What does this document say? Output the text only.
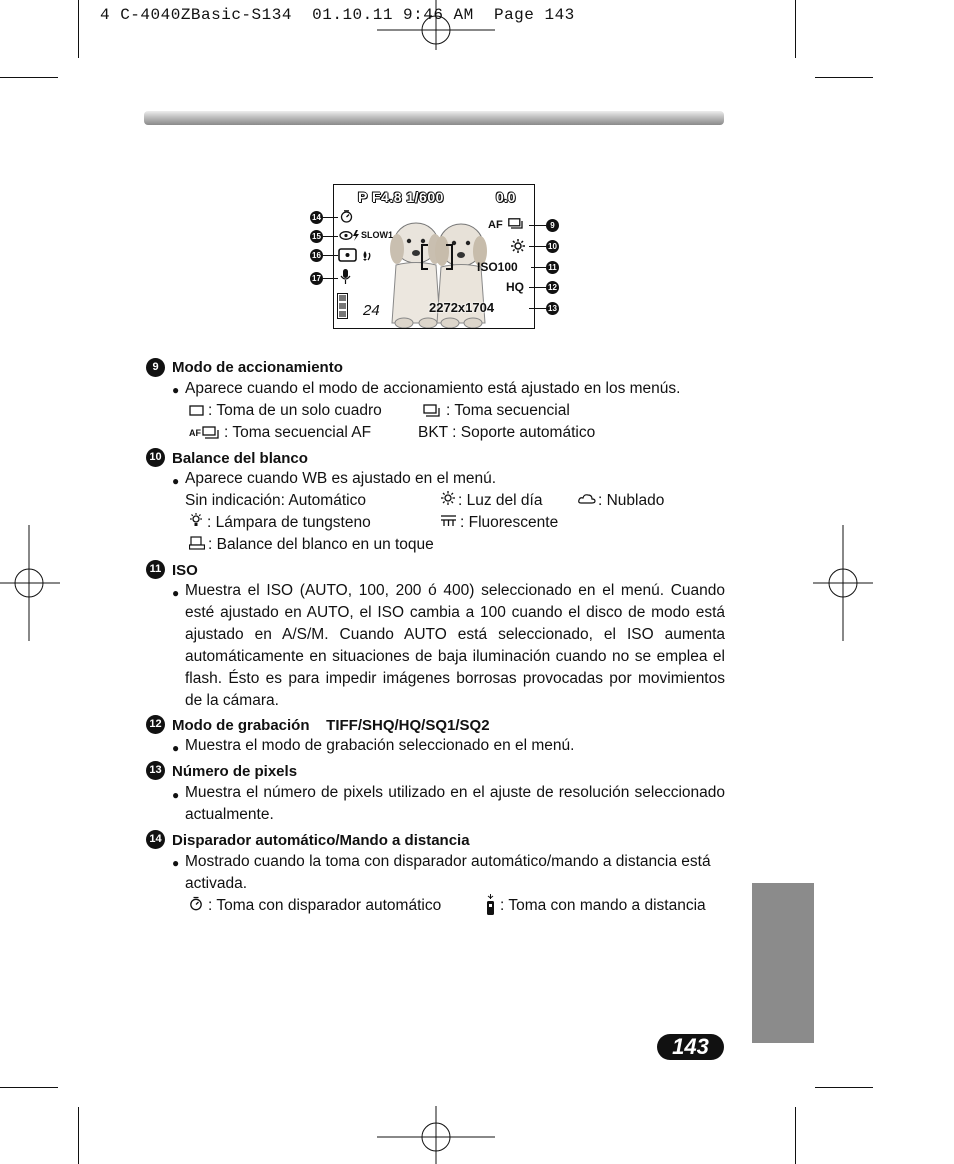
4 C-4040ZBasic-S134  01.10.11 9:46 AM  Page 143
P F4.8 1/600	0.0
SLOW1
24
AF
ISO100
HQ
2272x1704
14
15
16
17
9
10
11
12
13
9 Modo de accionamiento
● Aparece cuando el modo de accionamiento está ajustado en los menús.
: Toma de un solo cuadro	: Toma secuencial
AF : Toma secuencial AF	BKT : Soporte automático
10 Balance del blanco
● Aparece cuando WB es ajustado en el menú.
Sin indicación: Automático	: Luz del día	: Nublado
: Lámpara de tungsteno	: Fluorescente
: Balance del blanco en un toque
11 ISO
● Muestra el ISO (AUTO, 100, 200 ó 400) seleccionado en el menú. Cuando esté ajustado en AUTO, el ISO cambia a 100 cuando el disco de modo está ajustado en A/S/M. Cuando AUTO está seleccionado, el ISO aumenta automáticamente en situaciones de baja iluminación cuando no se emplea el flash. Ésto es para impedir imágenes borrosas provocadas por movimientos de la cámara.
12 Modo de grabación    TIFF/SHQ/HQ/SQ1/SQ2
● Muestra el modo de grabación seleccionado en el menú.
13 Número de pixels
● Muestra el número de pixels utilizado en el ajuste de resolución seleccionado actualmente.
14 Disparador automático/Mando a distancia
● Mostrado cuando la toma con disparador automático/mando a distancia está activada.
: Toma con disparador automático	: Toma con mando a distancia
143
